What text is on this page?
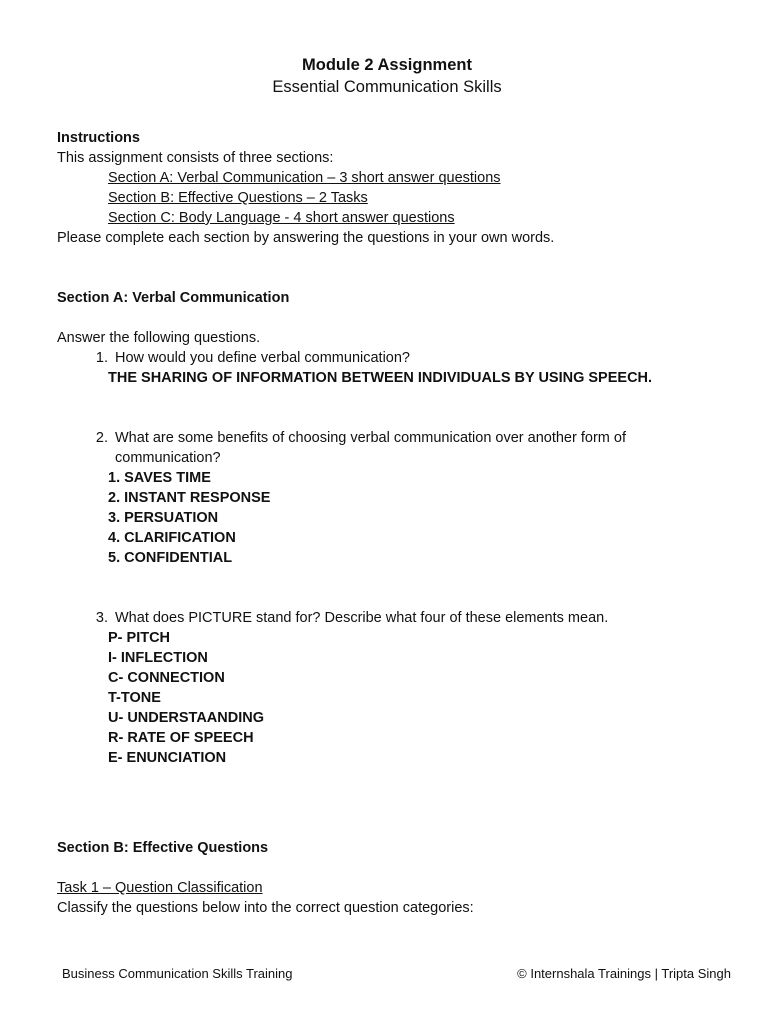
Module 2 Assignment
Essential Communication Skills
Instructions
This assignment consists of three sections:
Section A: Verbal Communication – 3 short answer questions
Section B: Effective Questions – 2 Tasks
Section C: Body Language - 4 short answer questions
Please complete each section by answering the questions in your own words.
Section A: Verbal Communication
Answer the following questions.
1. How would you define verbal communication?
THE SHARING OF INFORMATION BETWEEN INDIVIDUALS BY USING SPEECH.
2. What are some benefits of choosing verbal communication over another form of communication?
1. SAVES TIME
2. INSTANT RESPONSE
3. PERSUATION
4. CLARIFICATION
5. CONFIDENTIAL
3. What does PICTURE stand for? Describe what four of these elements mean.
P- PITCH
I- INFLECTION
C- CONNECTION
T-TONE
U- UNDERSTAANDING
R- RATE OF SPEECH
E- ENUNCIATION
Section B: Effective Questions
Task 1 – Question Classification
Classify the questions below into the correct question categories:
Business Communication Skills Training	© Internshala Trainings | Tripta Singh
